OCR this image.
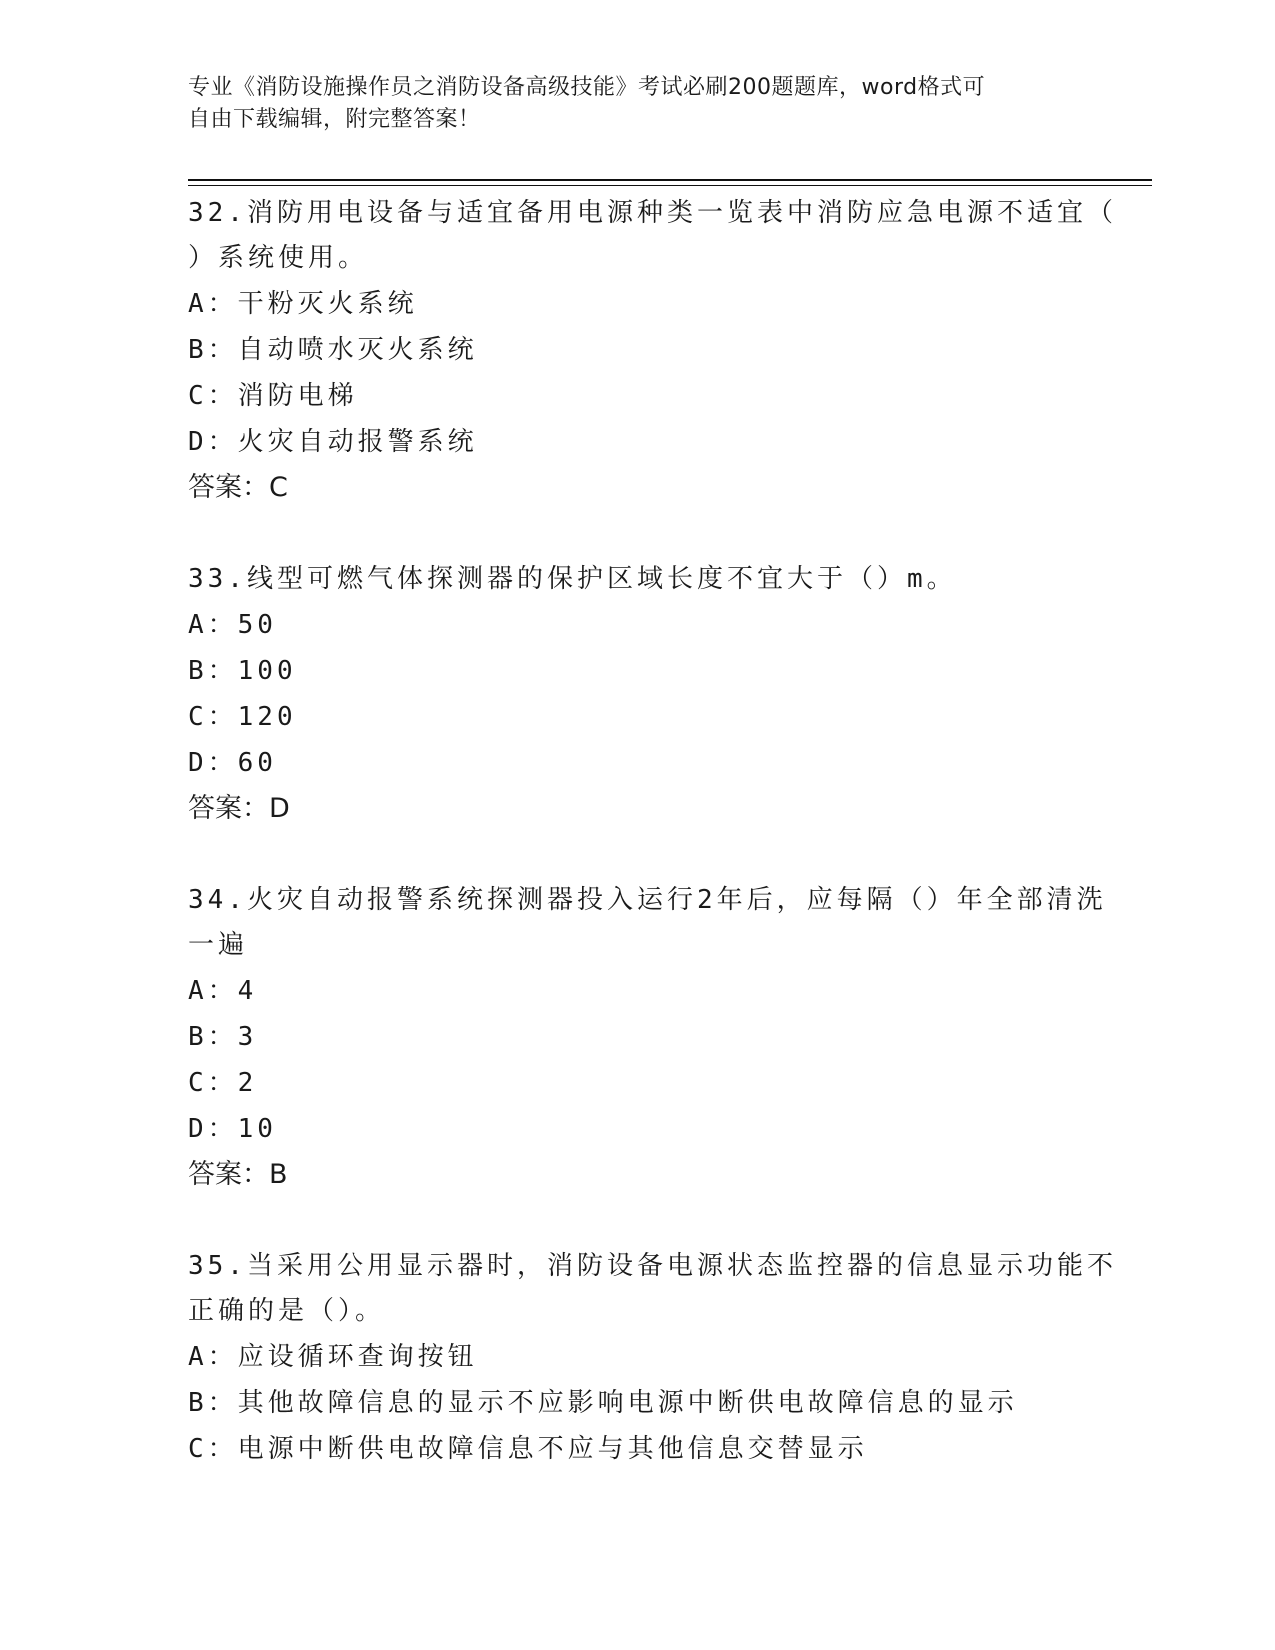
专业《消防设施操作员之消防设备高级技能》考试必刷200题题库，word格式可
自由下载编辑，附完整答案！
32.消防用电设备与适宜备用电源种类一览表中消防应急电源不适宜（
）系统使用。
A：干粉灭火系统
B：自动喷水灭火系统
C：消防电梯
D：火灾自动报警系统
答案：C
33.线型可燃气体探测器的保护区域长度不宜大于（）m。
A：50
B：100
C：120
D：60
答案：D
34.火灾自动报警系统探测器投入运行2年后，应每隔（）年全部清洗
一遍
A：4
B：3
C：2
D：10
答案：B
35.当采用公用显示器时，消防设备电源状态监控器的信息显示功能不
正确的是（）。
A：应设循环查询按钮
B：其他故障信息的显示不应影响电源中断供电故障信息的显示
C：电源中断供电故障信息不应与其他信息交替显示
